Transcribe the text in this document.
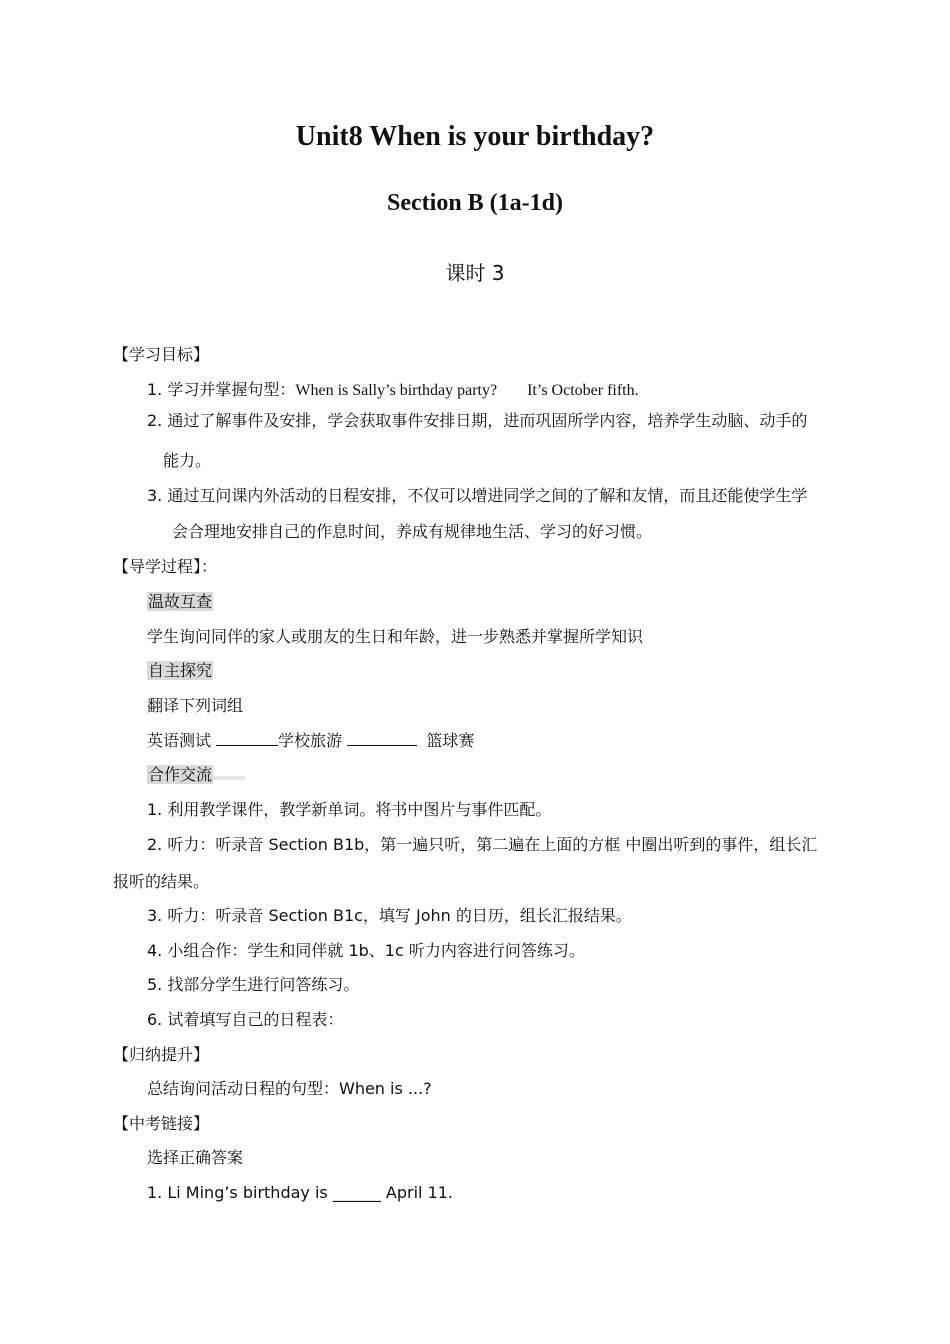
Unit8 When is your birthday?
Section B (1a-1d)
课时 3
【学习目标】
1. 学习并掌握句型：When is Sally’s birthday party? It’s October fifth.
2. 通过了解事件及安排，学会获取事件安排日期，进而巩固所学内容，培养学生动脑、动手的
能力。
3. 通过互问课内外活动的日程安排，不仅可以增进同学之间的了解和友情，而且还能使学生学
会合理地安排自己的作息时间，养成有规律地生活、学习的好习惯。
【导学过程】：
温故互查
学生询问同伴的家人或朋友的生日和年龄，进一步熟悉并掌握所学知识
自主探究
翻译下列词组
英语测试	学校旅游	篮球赛
合作交流
1. 利用教学课件，教学新单词。将书中图片与事件匹配。
2. 听力：听录音 Section B1b，第一遍只听，第二遍在上面的方框 中圈出听到的事件，组长汇
报听的结果。
3. 听力：听录音 Section B1c，填写 John 的日历，组长汇报结果。
4. 小组合作：学生和同伴就 1b、1c 听力内容进行问答练习。
5. 找部分学生进行问答练习。
6. 试着填写自己的日程表：
【归纳提升】
总结询问活动日程的句型：When is ...?
【中考链接】
选择正确答案
1. Li Ming’s birthday is ______ April 11.
